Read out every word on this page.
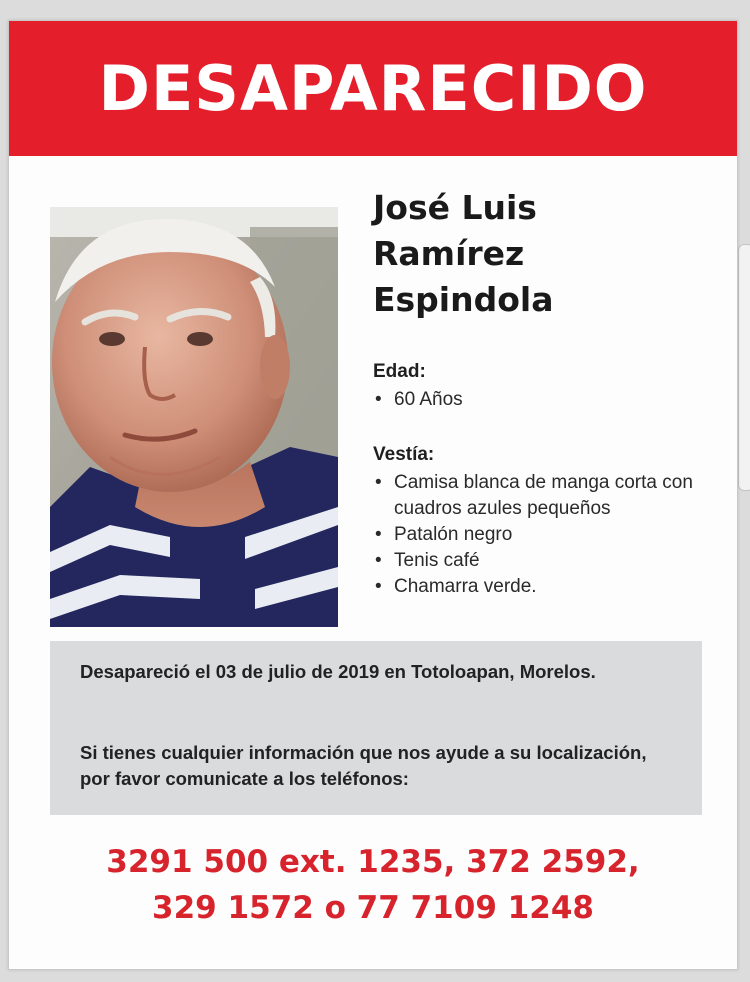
DESAPARECIDO
José Luis
Ramírez
Espindola

Edad:

• 60 Años

Vestía:

• Camisa blanca de manga corta con cuadros azules pequeños
• Patalón negro
• Tenis café
• Chamarra verde.

Desapareció el 03 de julio de 2019 en Totoloapan, Morelos.

Si tienes cualquier información que nos ayude a su localización, por favor comunicate a los teléfonos:

3291 500 ext. 1235, 372 2592,
329 1572 o 77 7109 1248
